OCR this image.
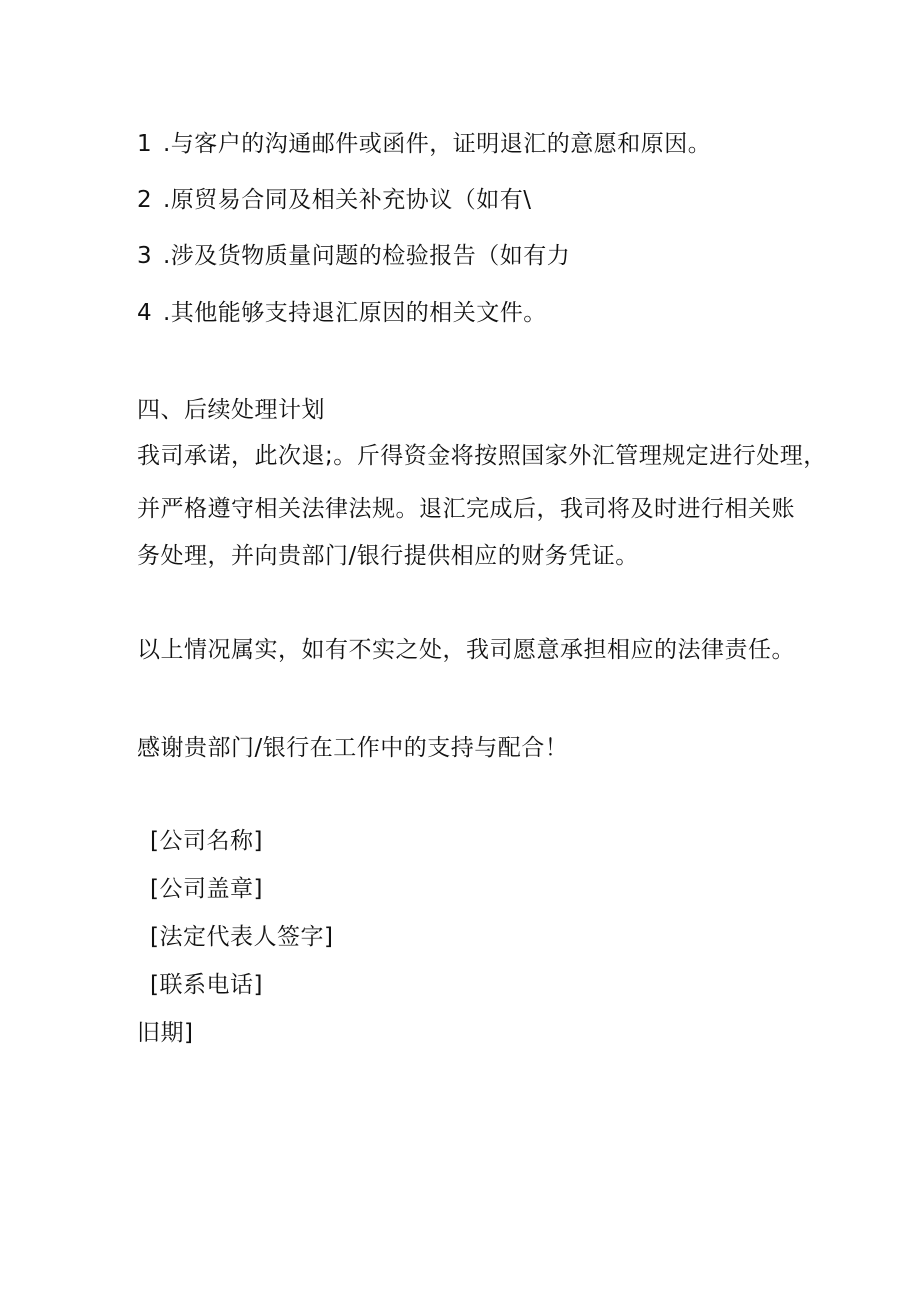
1 .与客户的沟通邮件或函件，证明退汇的意愿和原因。
2 .原贸易合同及相关补充协议（如有\
3 .涉及货物质量问题的检验报告（如有力
4 .其他能够支持退汇原因的相关文件。
四、后续处理计划
我司承诺，此次退;。斤得资金将按照国家外汇管理规定进行处理，
并严格遵守相关法律法规。退汇完成后，我司将及时进行相关账
务处理，并向贵部门/银行提供相应的财务凭证。
以上情况属实，如有不实之处，我司愿意承担相应的法律责任。
感谢贵部门/银行在工作中的支持与配合！
[公司名称]
[公司盖章]
[法定代表人签字]
[联系电话]
旧期]
